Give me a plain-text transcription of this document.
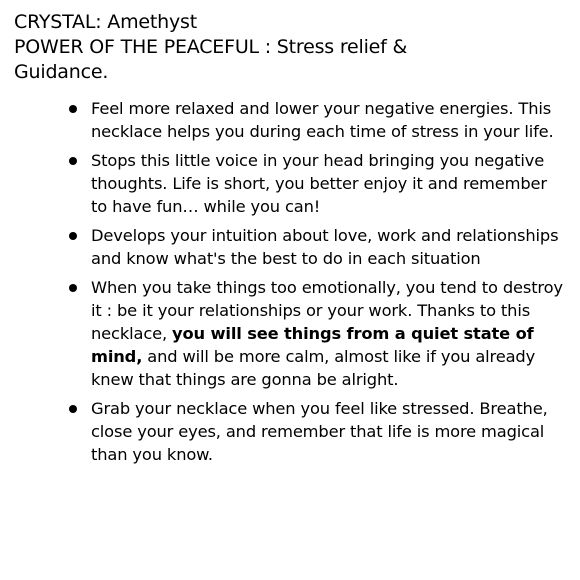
CRYSTAL: Amethyst
POWER OF THE PEACEFUL : Stress relief &
Guidance.
Feel more relaxed and lower your negative energies. This necklace helps you during each time of stress in your life.
Stops this little voice in your head bringing you negative thoughts. Life is short, you better enjoy it and remember to have fun… while you can!
Develops your intuition about love, work and relationships and know what's the best to do in each situation
When you take things too emotionally, you tend to destroy it : be it your relationships or your work. Thanks to this necklace, you will see things from a quiet state of mind, and will be more calm, almost like if you already knew that things are gonna be alright.
Grab your necklace when you feel like stressed. Breathe, close your eyes, and remember that life is more magical than you know.
